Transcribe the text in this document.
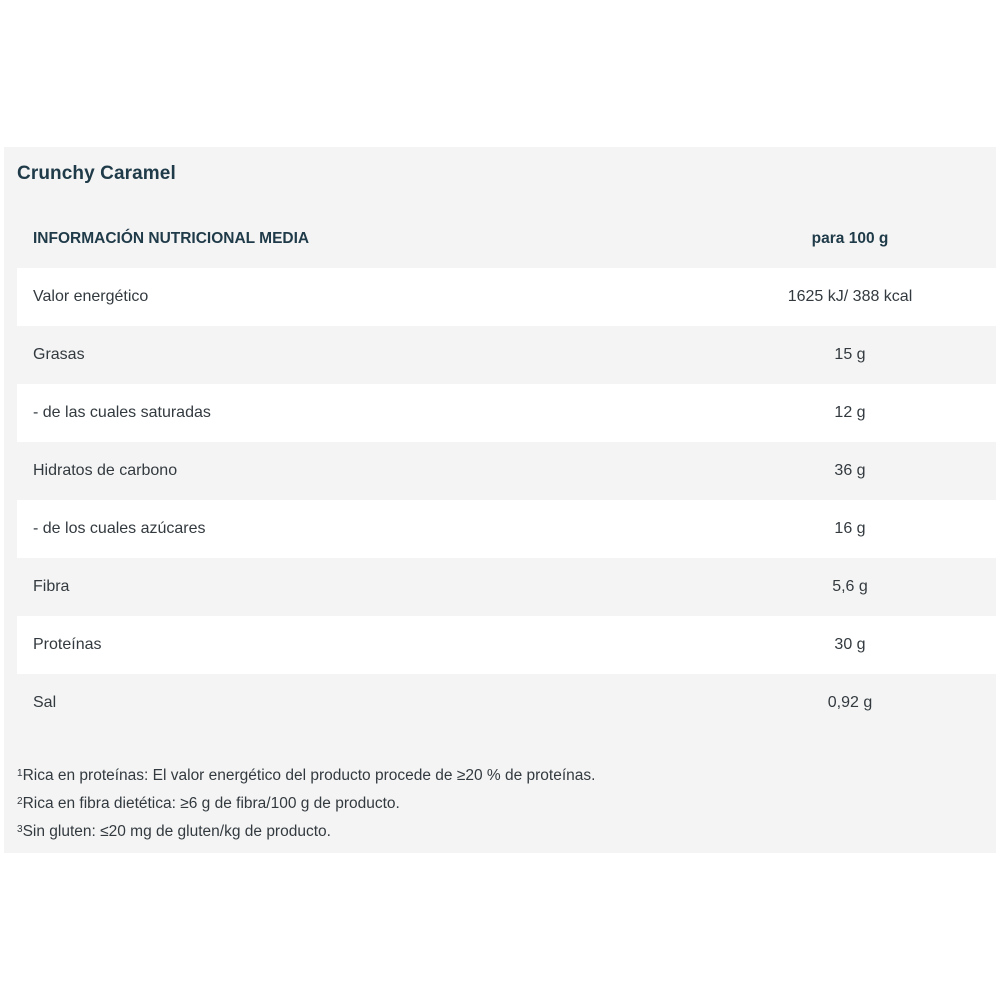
Crunchy Caramel
INFORMACIÓN NUTRICIONAL MEDIA	para 100 g
Valor energético	1625 kJ/ 388 kcal
Grasas	15 g
- de las cuales saturadas	12 g
Hidratos de carbono	36 g
- de los cuales azúcares	16 g
Fibra	5,6 g
Proteínas	30 g
Sal	0,92 g
$^1$Rica en proteínas: El valor energético del producto procede de ≥20 % de proteínas.
$^2$Rica en fibra dietética: ≥6 g de fibra/100 g de producto.
$^3$Sin gluten: ≤20 mg de gluten/kg de producto.
